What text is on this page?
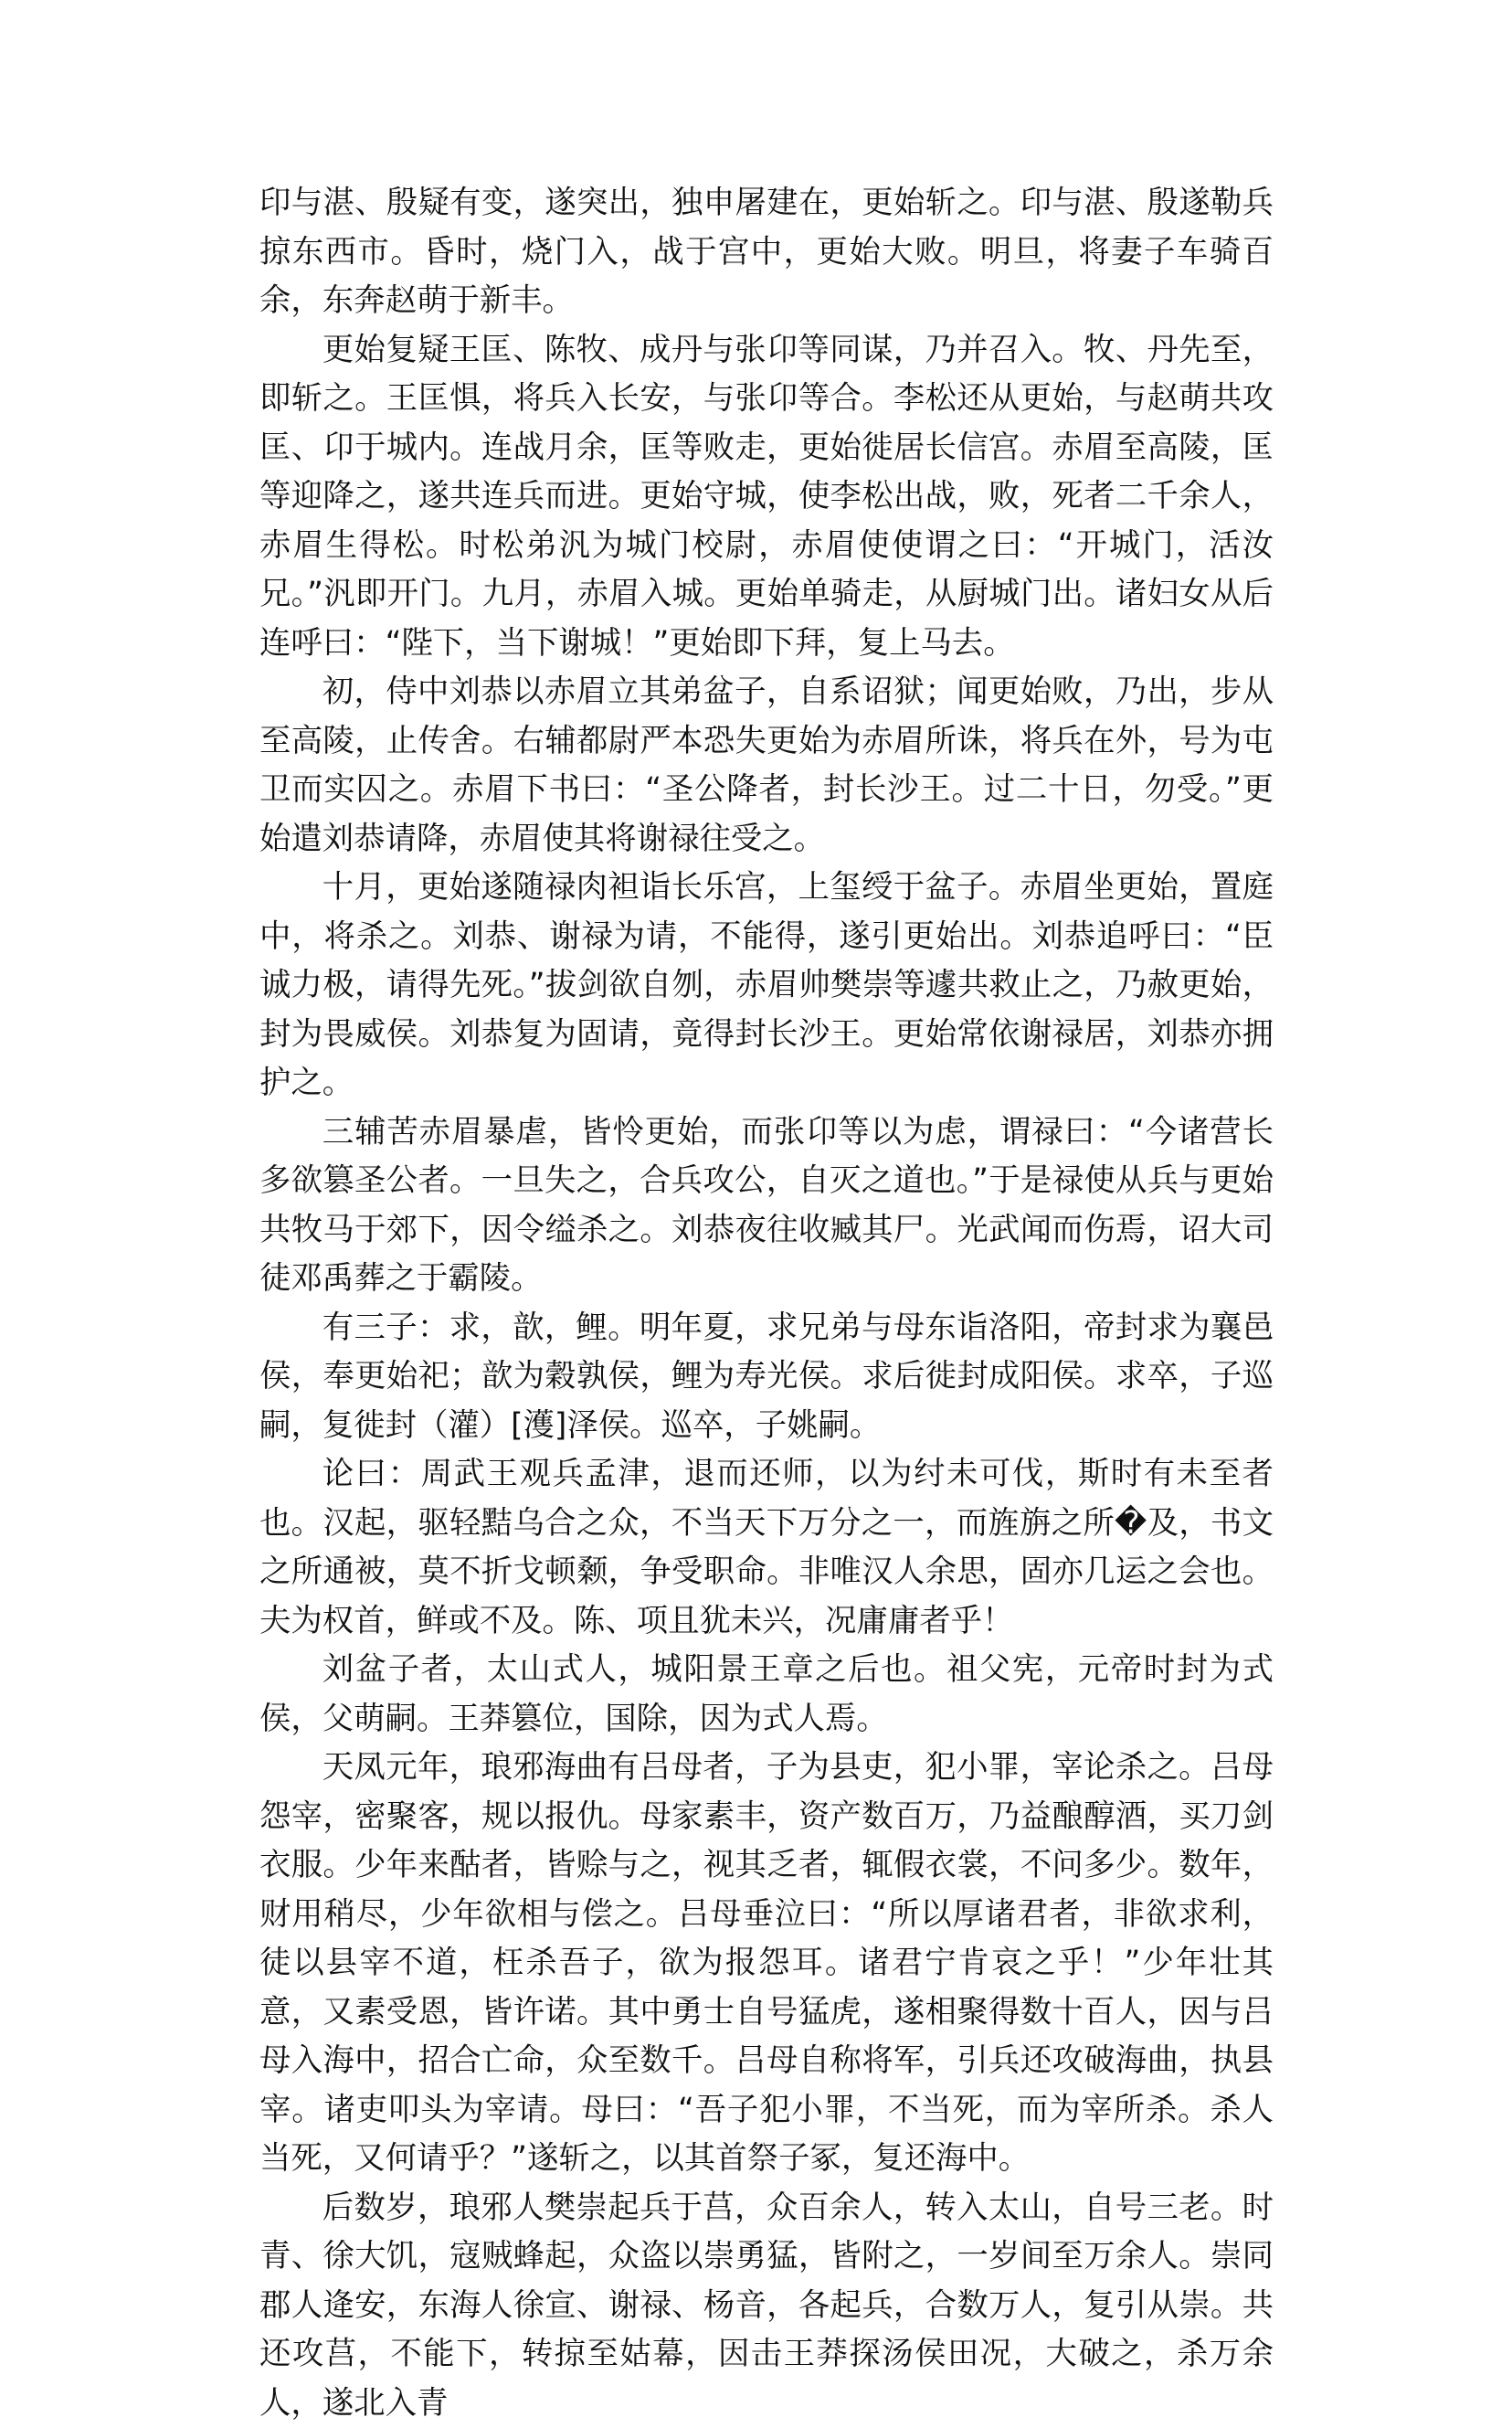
印与湛、殷疑有变，遂突出，独申屠建在，更始斩之。印与湛、殷遂勒兵掠东西市。昏时，烧门入，战于宫中，更始大败。明旦，将妻子车骑百余，东奔赵萌于新丰。

更始复疑王匡、陈牧、成丹与张卬等同谋，乃并召入。牧、丹先至，即斩之。王匡惧，将兵入长安，与张卬等合。李松还从更始，与赵萌共攻匡、卬于城内。连战月余，匡等败走，更始徙居长信宫。赤眉至高陵，匡等迎降之，遂共连兵而进。更始守城，使李松出战，败，死者二千余人，赤眉生得松。时松弟汎为城门校尉，赤眉使使谓之曰：“开城门，活汝兄。”汎即开门。九月，赤眉入城。更始单骑走，从厨城门出。诸妇女从后连呼曰：“陛下，当下谢城！”更始即下拜，复上马去。

初，侍中刘恭以赤眉立其弟盆子，自系诏狱；闻更始败，乃出，步从至高陵，止传舍。右辅都尉严本恐失更始为赤眉所诛，将兵在外，号为屯卫而实囚之。赤眉下书曰：“圣公降者，封长沙王。过二十日，勿受。”更始遣刘恭请降，赤眉使其将谢禄往受之。

十月，更始遂随禄肉袒诣长乐宫，上玺绶于盆子。赤眉坐更始，置庭中，将杀之。刘恭、谢禄为请，不能得，遂引更始出。刘恭追呼曰：“臣诚力极，请得先死。”拔剑欲自刎，赤眉帅樊崇等遽共救止之，乃赦更始，封为畏威侯。刘恭复为固请，竟得封长沙王。更始常依谢禄居，刘恭亦拥护之。

三辅苦赤眉暴虐，皆怜更始，而张卬等以为虑，谓禄曰：“今诸营长多欲篡圣公者。一旦失之，合兵攻公，自灭之道也。”于是禄使从兵与更始共牧马于郊下，因令缢杀之。刘恭夜往收臧其尸。光武闻而伤焉，诏大司徒邓禹葬之于霸陵。

有三子：求，歆，鲤。明年夏，求兄弟与母东诣洛阳，帝封求为襄邑侯，奉更始祀；歆为穀孰侯，鲤为寿光侯。求后徙封成阳侯。求卒，子巡嗣，复徙封（灌）[濩]泽侯。巡卒，子姚嗣。

论曰：周武王观兵孟津，退而还师，以为纣未可伐，斯时有未至者也。汉起，驱轻黠乌合之众，不当天下万分之一，而旌旃之所�及，书文之所通被，莫不折戈顿颡，争受职命。非唯汉人余思，固亦几运之会也。夫为权首，鲜或不及。陈、项且犹未兴，况庸庸者乎！

刘盆子者，太山式人，城阳景王章之后也。祖父宪，元帝时封为式侯，父萌嗣。王莽篡位，国除，因为式人焉。

天凤元年，琅邪海曲有吕母者，子为县吏，犯小罪，宰论杀之。吕母怨宰，密聚客，规以报仇。母家素丰，资产数百万，乃益酿醇酒，买刀剑衣服。少年来酤者，皆赊与之，视其乏者，辄假衣裳，不问多少。数年，财用稍尽，少年欲相与偿之。吕母垂泣曰：“所以厚诸君者，非欲求利，徒以县宰不道，枉杀吾子，欲为报怨耳。诸君宁肯哀之乎！”少年壮其意，又素受恩，皆许诺。其中勇士自号猛虎，遂相聚得数十百人，因与吕母入海中，招合亡命，众至数千。吕母自称将军，引兵还攻破海曲，执县宰。诸吏叩头为宰请。母曰：“吾子犯小罪，不当死，而为宰所杀。杀人当死，又何请乎？”遂斩之，以其首祭子冢，复还海中。

后数岁，琅邪人樊崇起兵于莒，众百余人，转入太山，自号三老。时青、徐大饥，寇贼蜂起，众盗以崇勇猛，皆附之，一岁间至万余人。崇同郡人逄安，东海人徐宣、谢禄、杨音，各起兵，合数万人，复引从崇。共还攻莒，不能下，转掠至姑幕，因击王莽探汤侯田况，大破之，杀万余人，遂北入青
